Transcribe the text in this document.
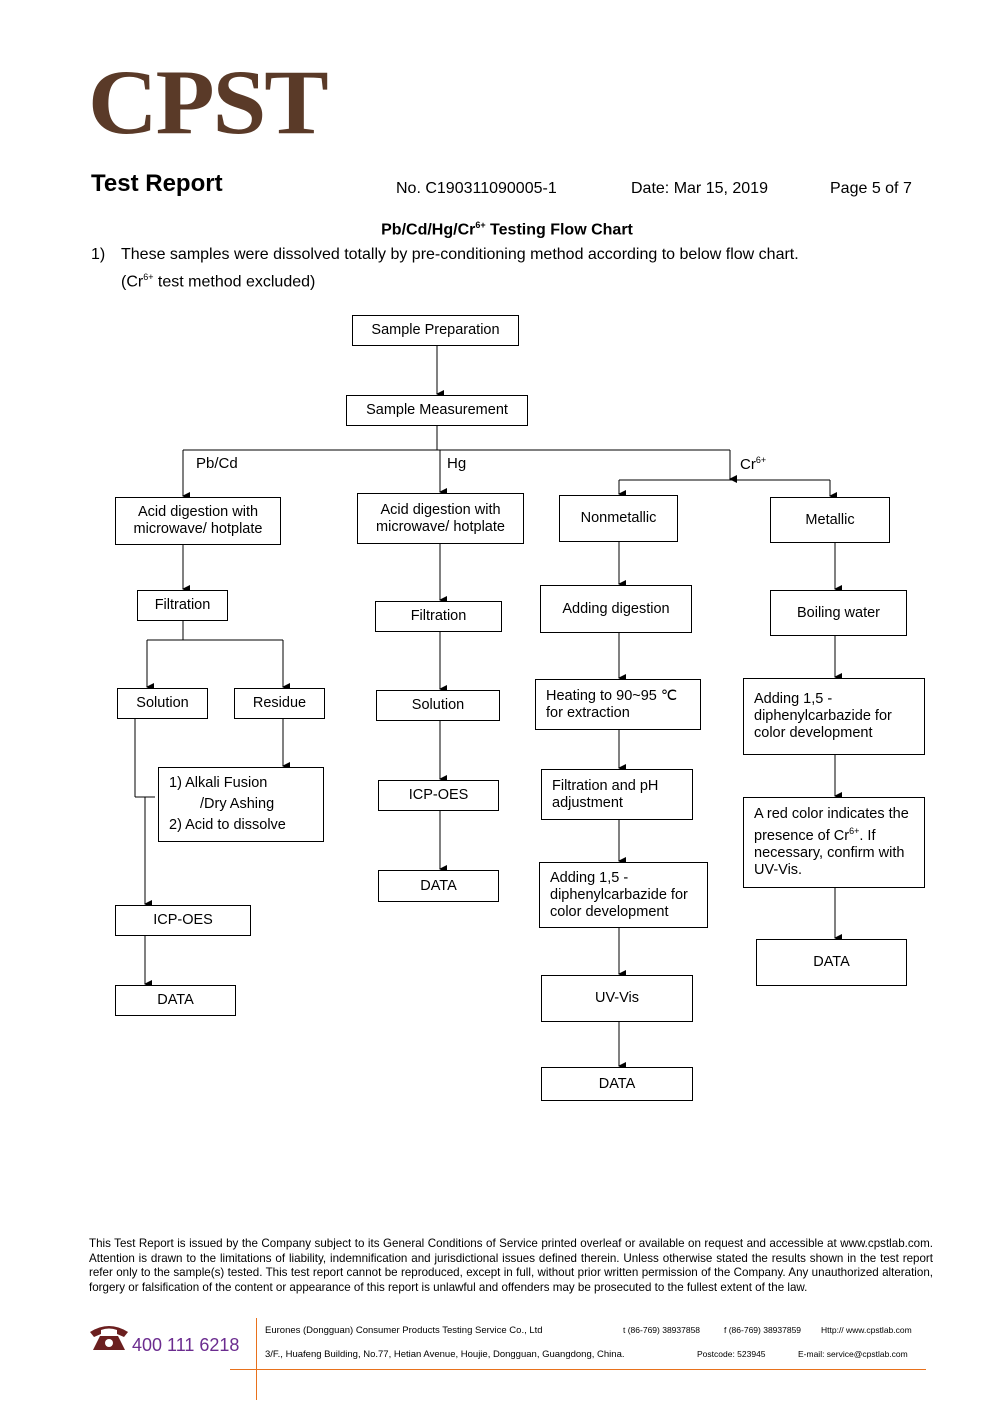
CPST
Test Report	No. C190311090005-1	Date: Mar 15, 2019	Page 5 of 7
$Pb/Cd/Hg/Cr^{6+}$ Testing Flow Chart
1) These samples were dissolved totally by pre-conditioning method according to below flow chart.
($Cr^{6+}$ test method excluded)
Sample Preparation
Sample Measurement
Pb/Cd	Hg	$Cr^{6+}$
Acid digestion with microwave/ hotplate
Filtration
Solution	Residue
1) Alkali Fusion
/Dry Ashing
2) Acid to dissolve
ICP-OES
DATA
Acid digestion with microwave/ hotplate
Filtration
Solution
ICP-OES
DATA
Nonmetallic
Adding digestion
Heating to 90~95 ℃ for extraction
Filtration and pH adjustment
Adding 1,5 -diphenylcarbazide for color development
UV-Vis
DATA
Metallic
Boiling water
Adding 1,5 -diphenylcarbazide for color development
A red color indicates the presence of $Cr^{6+}$. If necessary, confirm with UV-Vis.
DATA
This Test Report is issued by the Company subject to its General Conditions of Service printed overleaf or available on request and accessible at www.cpstlab.com. Attention is drawn to the limitations of liability, indemnification and jurisdictional issues defined therein. Unless otherwise stated the results shown in the test report refer only to the sample(s) tested. This test report cannot be reproduced, except in full, without prior written permission of the Company. Any unauthorized alteration, forgery or falsification of the content or appearance of this report is unlawful and offenders may be prosecuted to the fullest extent of the law.
400 111 6218
Eurones (Dongguan) Consumer Products Testing Service Co., Ltd	t (86-769) 38937858	f (86-769) 38937859 Http:// www.cpstlab.com
3/F., Huafeng Building, No.77, Hetian Avenue, Houjie, Dongguan, Guangdong, China.	Postcode: 523945	E-mail: service@cpstlab.com
